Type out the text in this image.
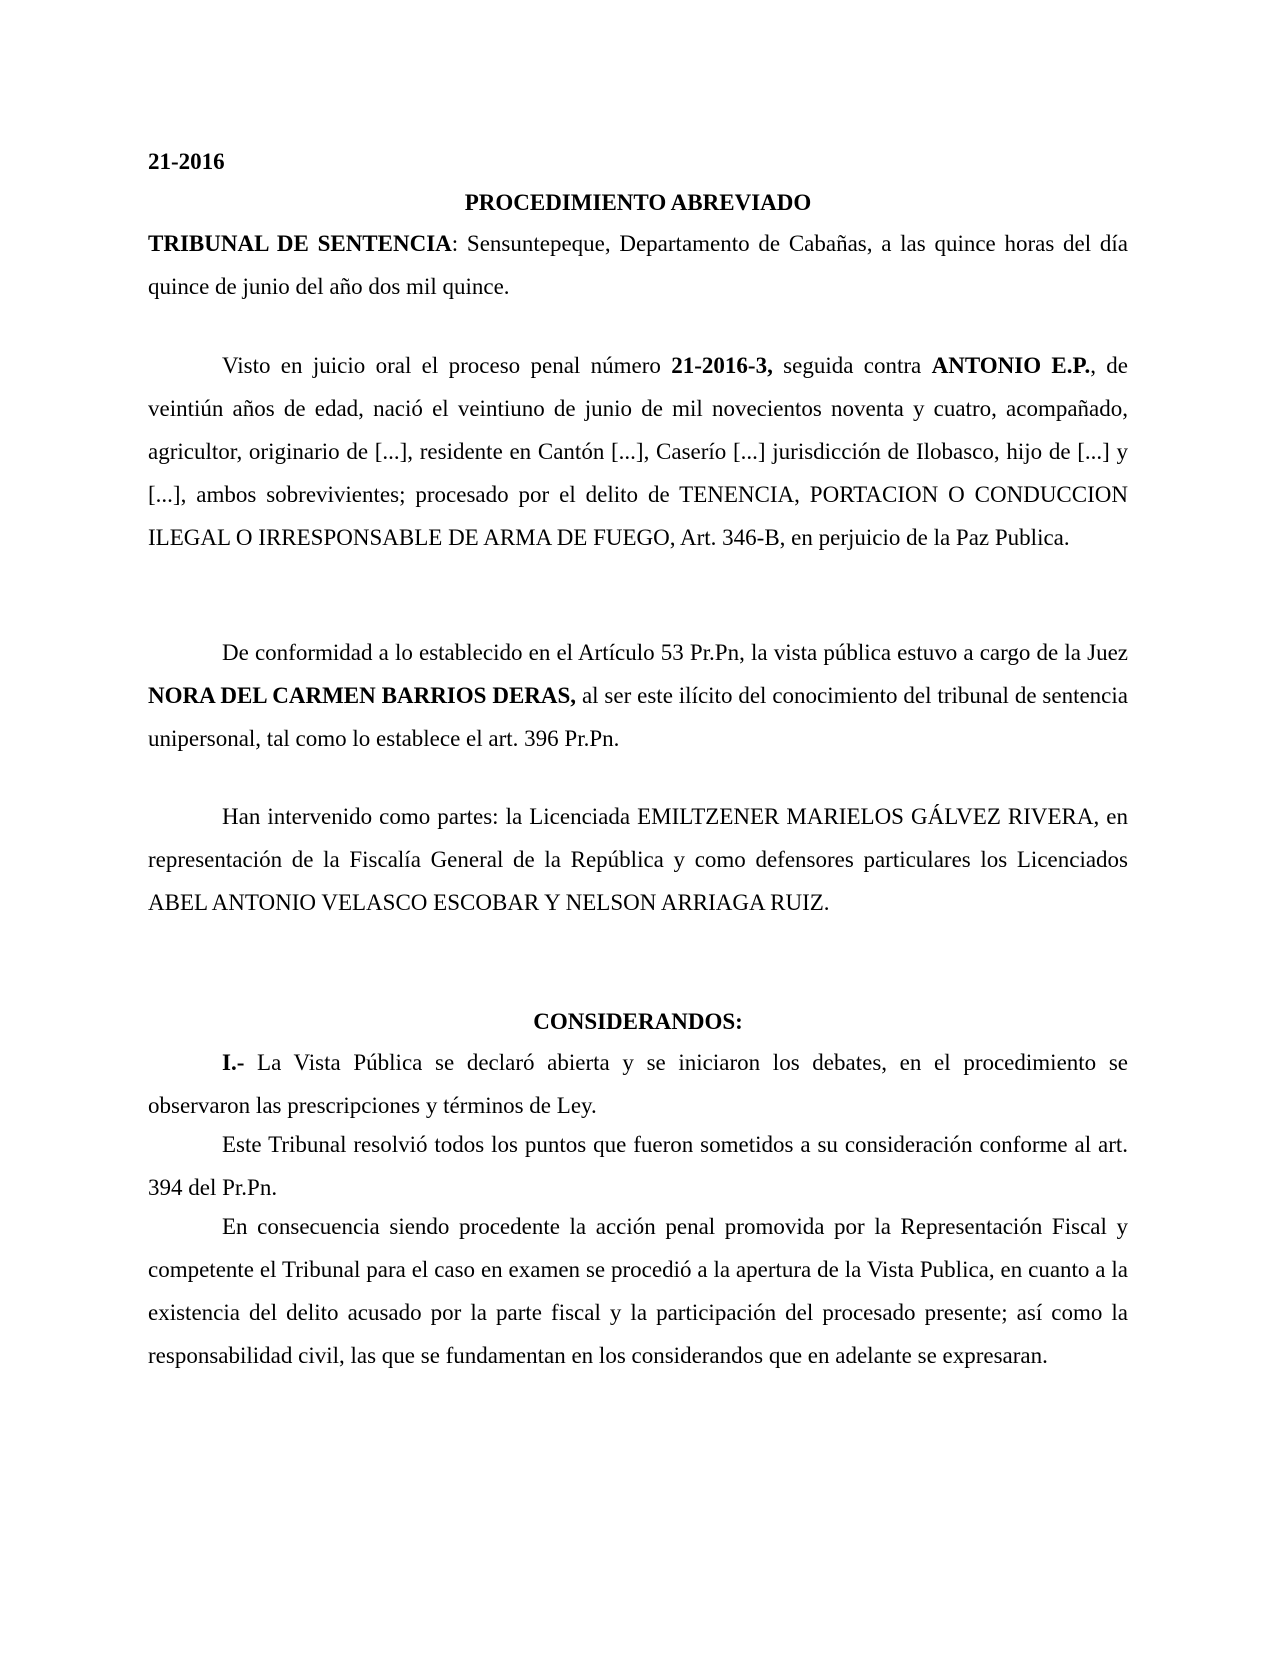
21-2016

PROCEDIMIENTO ABREVIADO

TRIBUNAL DE SENTENCIA: Sensuntepeque, Departamento de Cabañas, a las quince horas del día quince de junio del año dos mil quince.

Visto en juicio oral el proceso penal número 21-2016-3, seguida contra ANTONIO E.P., de veintiún años de edad, nació el veintiuno de junio de mil novecientos noventa y cuatro, acompañado, agricultor, originario de [...], residente en Cantón [...], Caserío [...] jurisdicción de Ilobasco, hijo de [...] y [...], ambos sobrevivientes; procesado por el delito de TENENCIA, PORTACION O CONDUCCION ILEGAL O IRRESPONSABLE DE ARMA DE FUEGO, Art. 346-B, en perjuicio de la Paz Publica.

De conformidad a lo establecido en el Artículo 53 Pr.Pn, la vista pública estuvo a cargo de la Juez NORA DEL CARMEN BARRIOS DERAS, al ser este ilícito del conocimiento del tribunal de sentencia unipersonal, tal como lo establece el art. 396 Pr.Pn.

Han intervenido como partes: la Licenciada EMILTZENER MARIELOS GÁLVEZ RIVERA, en representación de la Fiscalía General de la República y como defensores particulares los Licenciados ABEL ANTONIO VELASCO ESCOBAR Y NELSON ARRIAGA RUIZ.

CONSIDERANDOS:

I.- La Vista Pública se declaró abierta y se iniciaron los debates, en el procedimiento se observaron las prescripciones y términos de Ley.

Este Tribunal resolvió todos los puntos que fueron sometidos a su consideración conforme al art. 394 del Pr.Pn.

En consecuencia siendo procedente la acción penal promovida por la Representación Fiscal y competente el Tribunal para el caso en examen se procedió a la apertura de la Vista Publica, en cuanto a la existencia del delito acusado por la parte fiscal y la participación del procesado presente; así como la responsabilidad civil, las que se fundamentan en los considerandos que en adelante se expresaran.
